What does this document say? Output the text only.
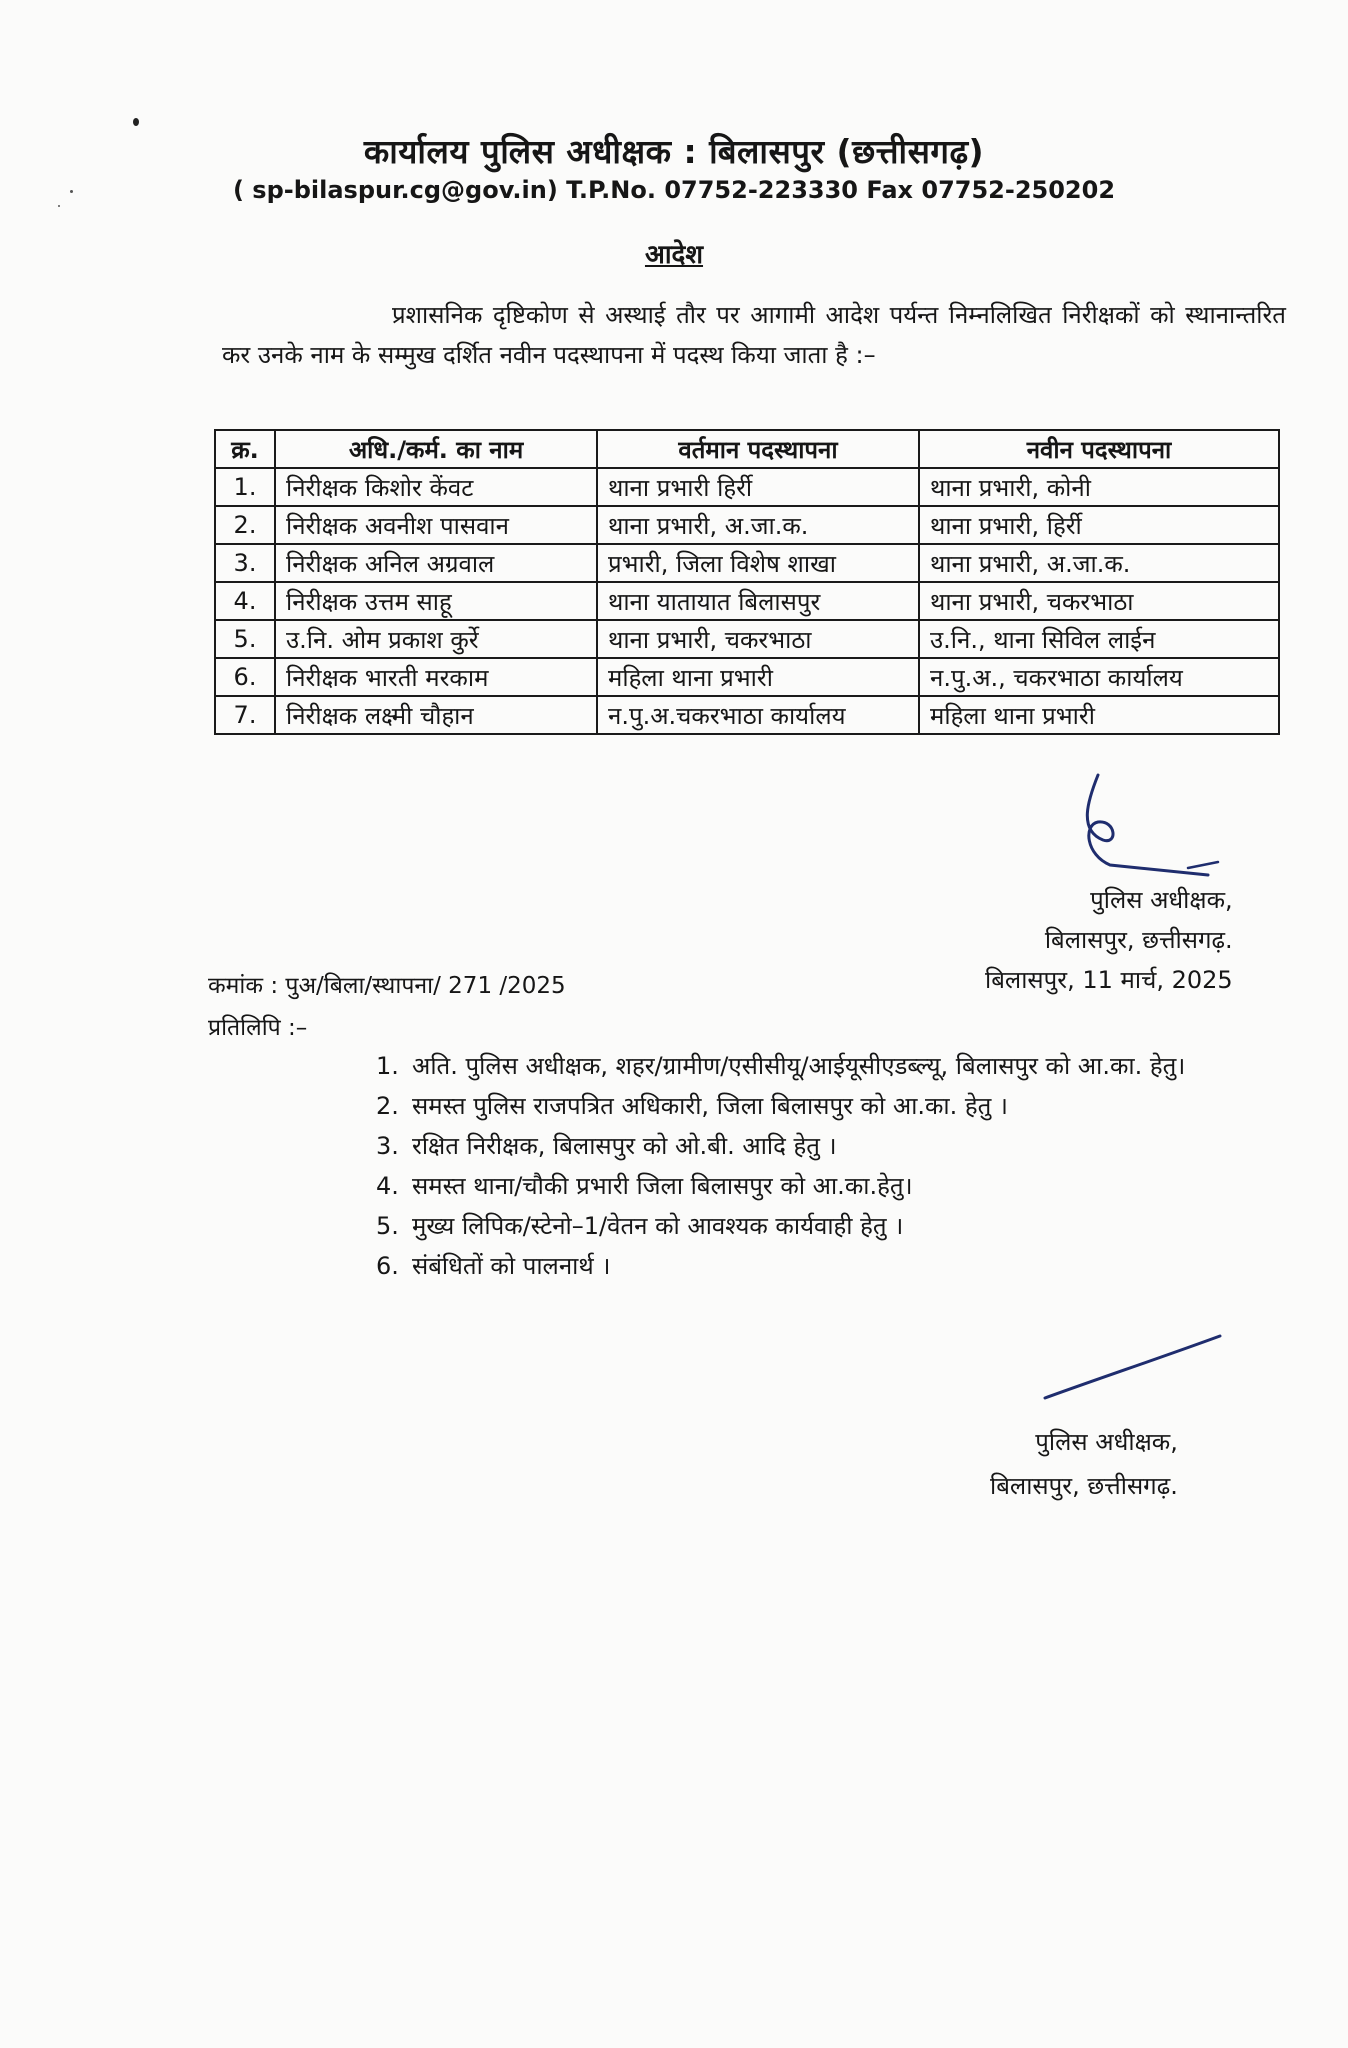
कार्यालय पुलिस अधीक्षक : बिलासपुर (छत्तीसगढ़)
( sp-bilaspur.cg@gov.in) T.P.No. 07752-223330 Fax 07752-250202
आदेश
प्रशासनिक दृष्टिकोण से अस्थाई तौर पर आगामी आदेश पर्यन्त निम्नलिखित निरीक्षकों को स्थानान्तरित कर उनके नाम के सम्मुख दर्शित नवीन पदस्थापना में पदस्थ किया जाता है :–
क्र.	अधि./कर्म. का नाम	वर्तमान पदस्थापना	नवीन पदस्थापना
1.	निरीक्षक किशोर केंवट	थाना प्रभारी हिर्री	थाना प्रभारी, कोनी
2.	निरीक्षक अवनीश पासवान	थाना प्रभारी, अ.जा.क.	थाना प्रभारी, हिर्री
3.	निरीक्षक अनिल अग्रवाल	प्रभारी, जिला विशेष शाखा	थाना प्रभारी, अ.जा.क.
4.	निरीक्षक उत्तम साहू	थाना यातायात बिलासपुर	थाना प्रभारी, चकरभाठा
5.	उ.नि. ओम प्रकाश कुर्रे	थाना प्रभारी, चकरभाठा	उ.नि., थाना सिविल लाईन
6.	निरीक्षक भारती मरकाम	महिला थाना प्रभारी	न.पु.अ., चकरभाठा कार्यालय
7.	निरीक्षक लक्ष्मी चौहान	न.पु.अ.चकरभाठा कार्यालय	महिला थाना प्रभारी
पुलिस अधीक्षक,
बिलासपुर, छत्तीसगढ़.
बिलासपुर, 11 मार्च, 2025
कमांक : पुअ/बिला/स्थापना/ 271 /2025
प्रतिलिपि :–
1. अति. पुलिस अधीक्षक, शहर/ग्रामीण/एसीसीयू/आईयूसीएडब्ल्यू, बिलासपुर को आ.का. हेतु।
2. समस्त पुलिस राजपत्रित अधिकारी, जिला बिलासपुर को आ.का. हेतु ।
3. रक्षित निरीक्षक, बिलासपुर को ओ.बी. आदि हेतु ।
4. समस्त थाना/चौकी प्रभारी जिला बिलासपुर को आ.का.हेतु।
5. मुख्य लिपिक/स्टेनो–1/वेतन को आवश्यक कार्यवाही हेतु ।
6. संबंधितों को पालनार्थ ।
पुलिस अधीक्षक,
बिलासपुर, छत्तीसगढ़.
